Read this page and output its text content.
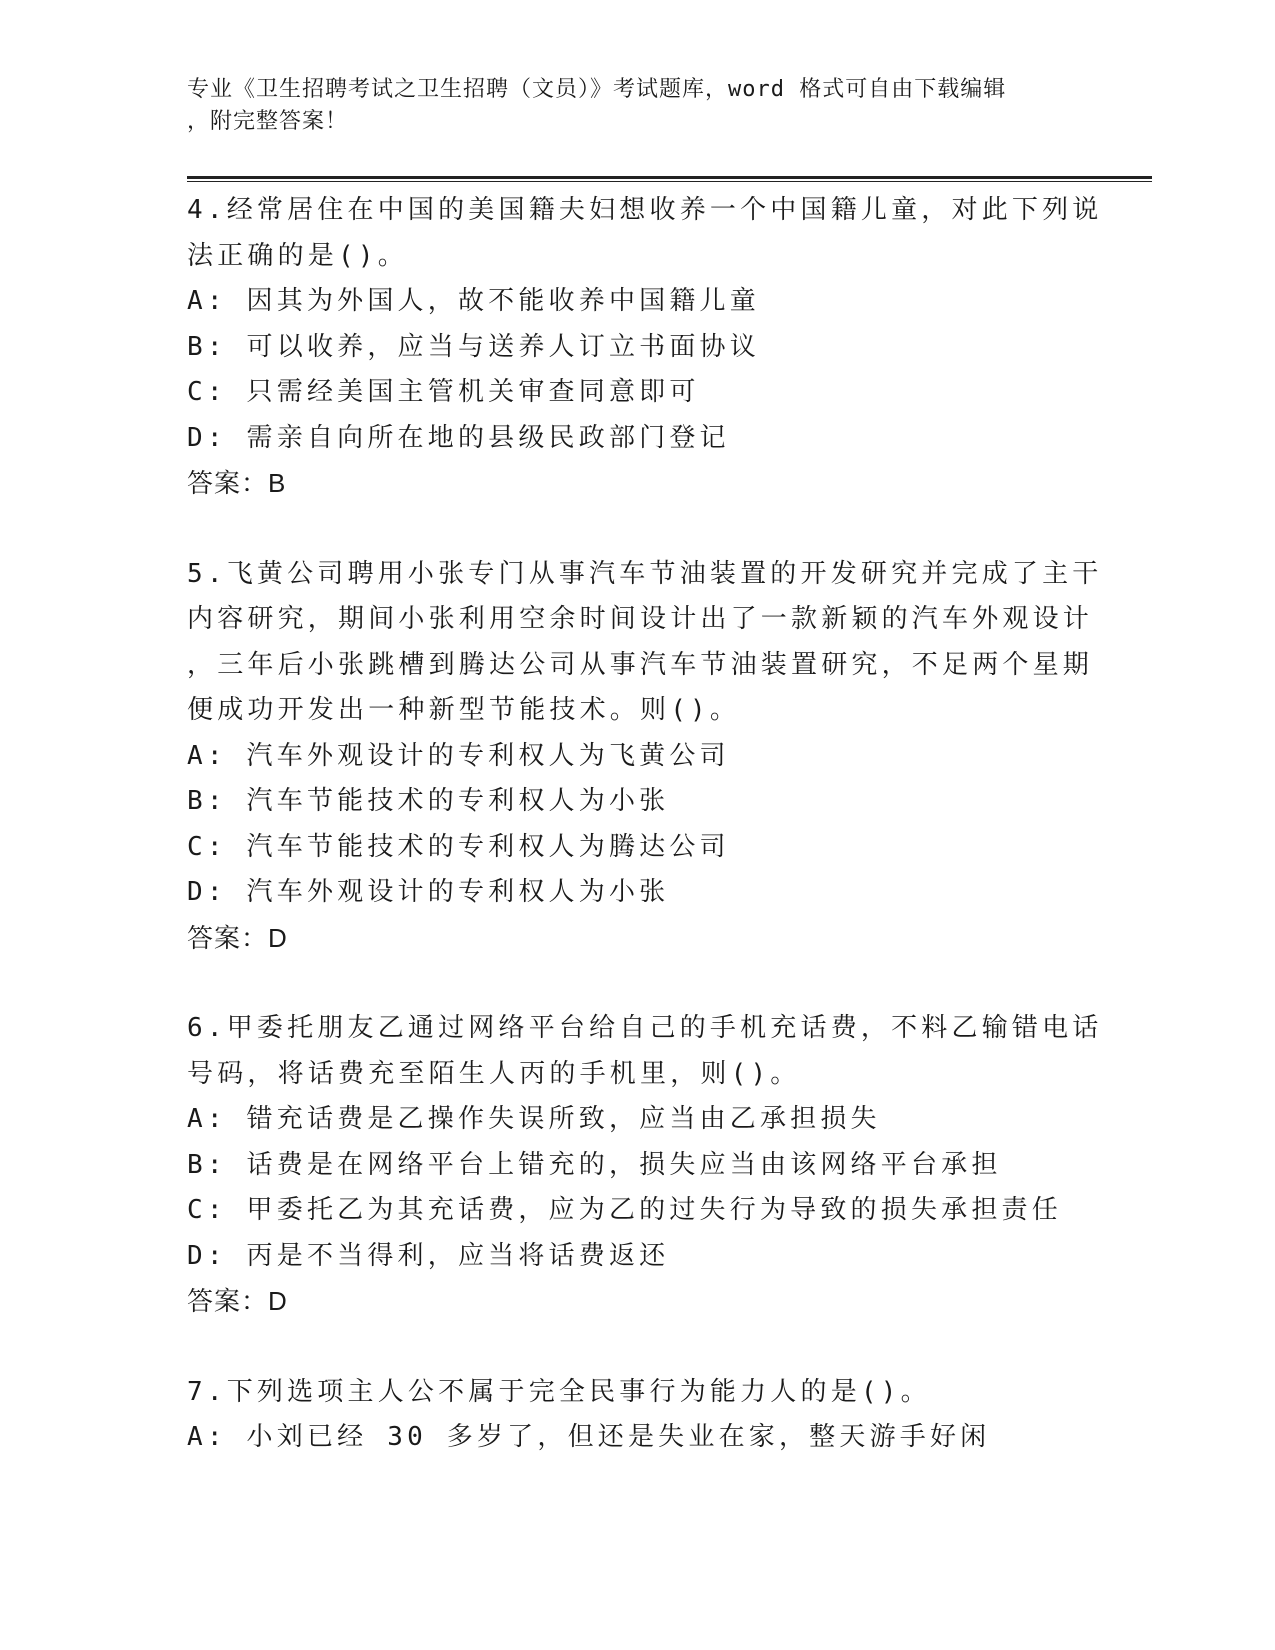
专业《卫生招聘考试之卫生招聘（文员）》考试题库，word 格式可自由下载编辑
，附完整答案！
4.经常居住在中国的美国籍夫妇想收养一个中国籍儿童，对此下列说
法正确的是()。
A: 因其为外国人，故不能收养中国籍儿童
B: 可以收养，应当与送养人订立书面协议
C: 只需经美国主管机关审查同意即可
D: 需亲自向所在地的县级民政部门登记
答案：B
5.飞黄公司聘用小张专门从事汽车节油装置的开发研究并完成了主干
内容研究，期间小张利用空余时间设计出了一款新颖的汽车外观设计
，三年后小张跳槽到腾达公司从事汽车节油装置研究，不足两个星期
便成功开发出一种新型节能技术。则()。
A: 汽车外观设计的专利权人为飞黄公司
B: 汽车节能技术的专利权人为小张
C: 汽车节能技术的专利权人为腾达公司
D: 汽车外观设计的专利权人为小张
答案：D
6.甲委托朋友乙通过网络平台给自己的手机充话费，不料乙输错电话
号码，将话费充至陌生人丙的手机里，则()。
A: 错充话费是乙操作失误所致，应当由乙承担损失
B: 话费是在网络平台上错充的，损失应当由该网络平台承担
C: 甲委托乙为其充话费，应为乙的过失行为导致的损失承担责任
D: 丙是不当得利，应当将话费返还
答案：D
7.下列选项主人公不属于完全民事行为能力人的是()。
A: 小刘已经 30 多岁了，但还是失业在家，整天游手好闲
